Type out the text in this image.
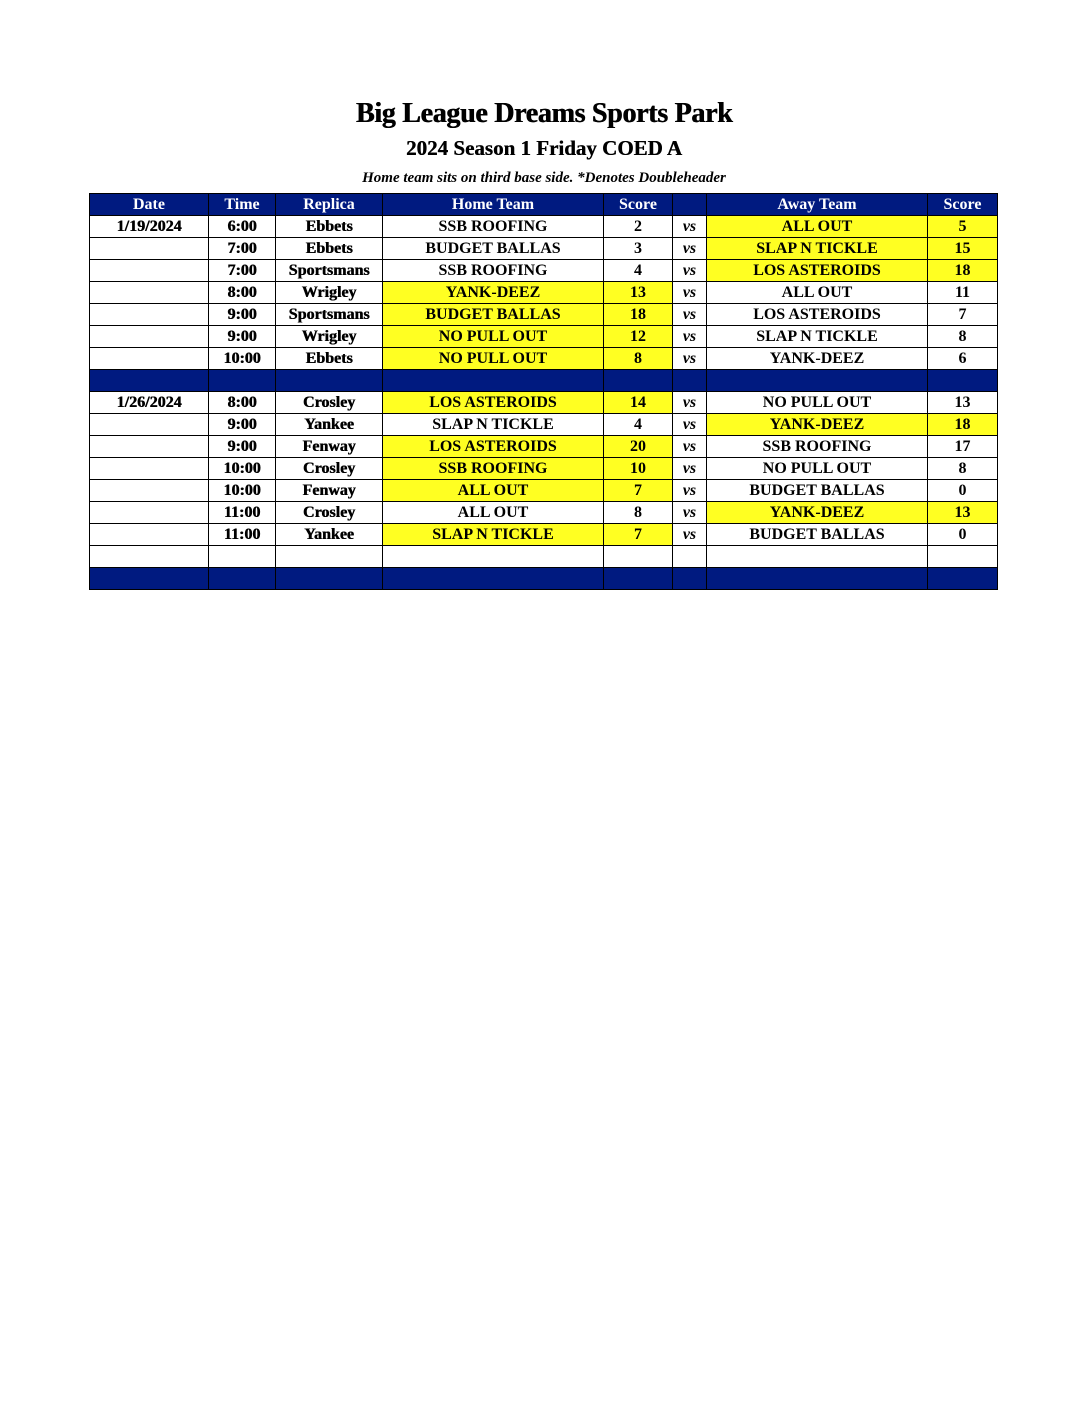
Big League Dreams Sports Park
2024 Season 1 Friday COED A
Home team sits on third base side. *Denotes Doubleheader
Date	Time	Replica	Home Team	Score		Away Team	Score
1/19/2024	6:00	Ebbets	SSB ROOFING	2	vs	ALL OUT	5
	7:00	Ebbets	BUDGET BALLAS	3	vs	SLAP N TICKLE	15
	7:00	Sportsmans	SSB ROOFING	4	vs	LOS ASTEROIDS	18
	8:00	Wrigley	YANK-DEEZ	13	vs	ALL OUT	11
	9:00	Sportsmans	BUDGET BALLAS	18	vs	LOS ASTEROIDS	7
	9:00	Wrigley	NO PULL OUT	12	vs	SLAP N TICKLE	8
	10:00	Ebbets	NO PULL OUT	8	vs	YANK-DEEZ	6

1/26/2024	8:00	Crosley	LOS ASTEROIDS	14	vs	NO PULL OUT	13
	9:00	Yankee	SLAP N TICKLE	4	vs	YANK-DEEZ	18
	9:00	Fenway	LOS ASTEROIDS	20	vs	SSB ROOFING	17
	10:00	Crosley	SSB ROOFING	10	vs	NO PULL OUT	8
	10:00	Fenway	ALL OUT	7	vs	BUDGET BALLAS	0
	11:00	Crosley	ALL OUT	8	vs	YANK-DEEZ	13
	11:00	Yankee	SLAP N TICKLE	7	vs	BUDGET BALLAS	0
